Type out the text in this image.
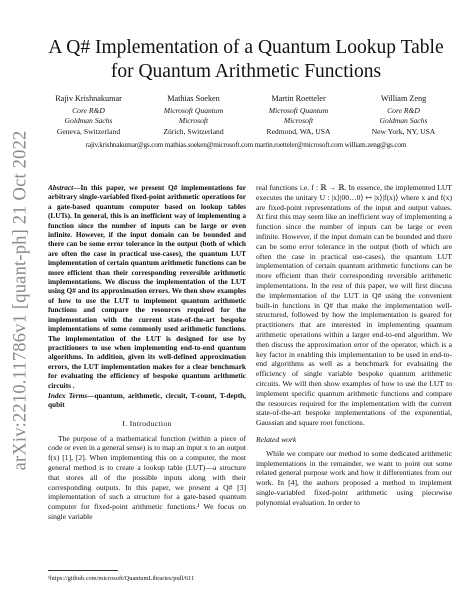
arXiv:2210.11786v1 [quant-ph] 21 Oct 2022
A Q# Implementation of a Quantum Lookup Table
for Quantum Arithmetic Functions
Rajiv Krishnakumar
Core R&D
Goldman Sachs
Geneva, Switzerland
Mathias Soeken
Microsoft Quantum
Microsoft
Zürich, Switzerland
Martin Roetteler
Microsoft Quantum
Microsoft
Redmond, WA, USA
William Zeng
Core R&D
Goldman Sachs
New York, NY, USA
rajiv.krishnakumar@gs.com mathias.soeken@microsoft.com martin.roetteler@microsoft.com william.zeng@gs.com
Abstract—In this paper, we present Q# implementations for arbitrary single-variabled fixed-point arithmetic operations for a gate-based quantum computer based on lookup tables (LUTs). In general, this is an inefficient way of implementing a function since the number of inputs can be large or even infinite. However, if the input domain can be bounded and there can be some error tolerance in the output (both of which are often the case in practical use-cases), the quantum LUT implementation of certain quantum arithmetic functions can be more efficient than their corresponding reversible arithmetic implementations. We discuss the implementation of the LUT using Q# and its approximation errors. We then show examples of how to use the LUT to implement quantum arithmetic functions and compare the resources required for the implementation with the current state-of-the-art bespoke implementations of some commonly used arithmetic functions. The implementation of the LUT is designed for use by practitioners to use when implementing end-to-end quantum algorithms. In addition, given its well-defined approximation errors, the LUT implementation makes for a clear benchmark for evaluating the efficiency of bespoke quantum arithmetic circuits .
Index Terms—quantum, arithmetic, circuit, T-count, T-depth, qubit
I. Introduction

The purpose of a mathematical function (within a piece of code or even in a general sense) is to map an input x to an output f(x) [1], [2]. When implementing this on a computer, the most general method is to create a lookup table (LUT)—a structure that stores all of the possible inputs along with their corresponding outputs. In this paper, we present a Q# [3] implementation of such a structure for a gate-based quantum computer for fixed-point arithmetic functions.¹ We focus on single variable

real functions i.e. f : ℝ → ℝ. In essence, the implemented LUT executes the unitary U : |x⟩|00…0⟩ ↦ |x⟩|f(x)⟩ where x and f(x) are fixed-point representations of the input and output values. At first this may seem like an inefficient way of implementing a function since the number of inputs can be large or even infinite. However, if the input domain can be bounded and there can be some error tolerance in the output (both of which are often the case in practical use-cases), the quantum LUT implementation of certain quantum arithmetic functions can be more efficient than their corresponding reversible arithmetic implementations. In the rest of this paper, we will first discuss the implementation of the LUT in Q# using the convenient built-in functions in Q# that make the implementation well-structured, followed by how the implementation is geared for practitioners that are interested in implementing quantum arithmetic operations within a larger end-to-end algorithm. We then discuss the approximation error of the operator, which is a key factor in enabling this implementation to be used in end-to-end algorithms as well as a benchmark for evaluating the efficiency of single variable bespoke quantum arithmetic circuits. We will then show examples of how to use the LUT to implement specific quantum arithmetic functions and compare the resources required for the implementation with the current state-of-the-art bespoke implementations of the exponential, Gaussian and square root functions.

Related work

While we compare our method to some dedicated arithmetic implementations in the remainder, we want to point out some related general purpose work and how it differentiates from our work. In [4], the authors proposed a method to implement single-variabled fixed-point arithmetic using piecewise polynomial evaluation. In order to

¹https://github.com/microsoft/QuantumLibraries/pull/611
